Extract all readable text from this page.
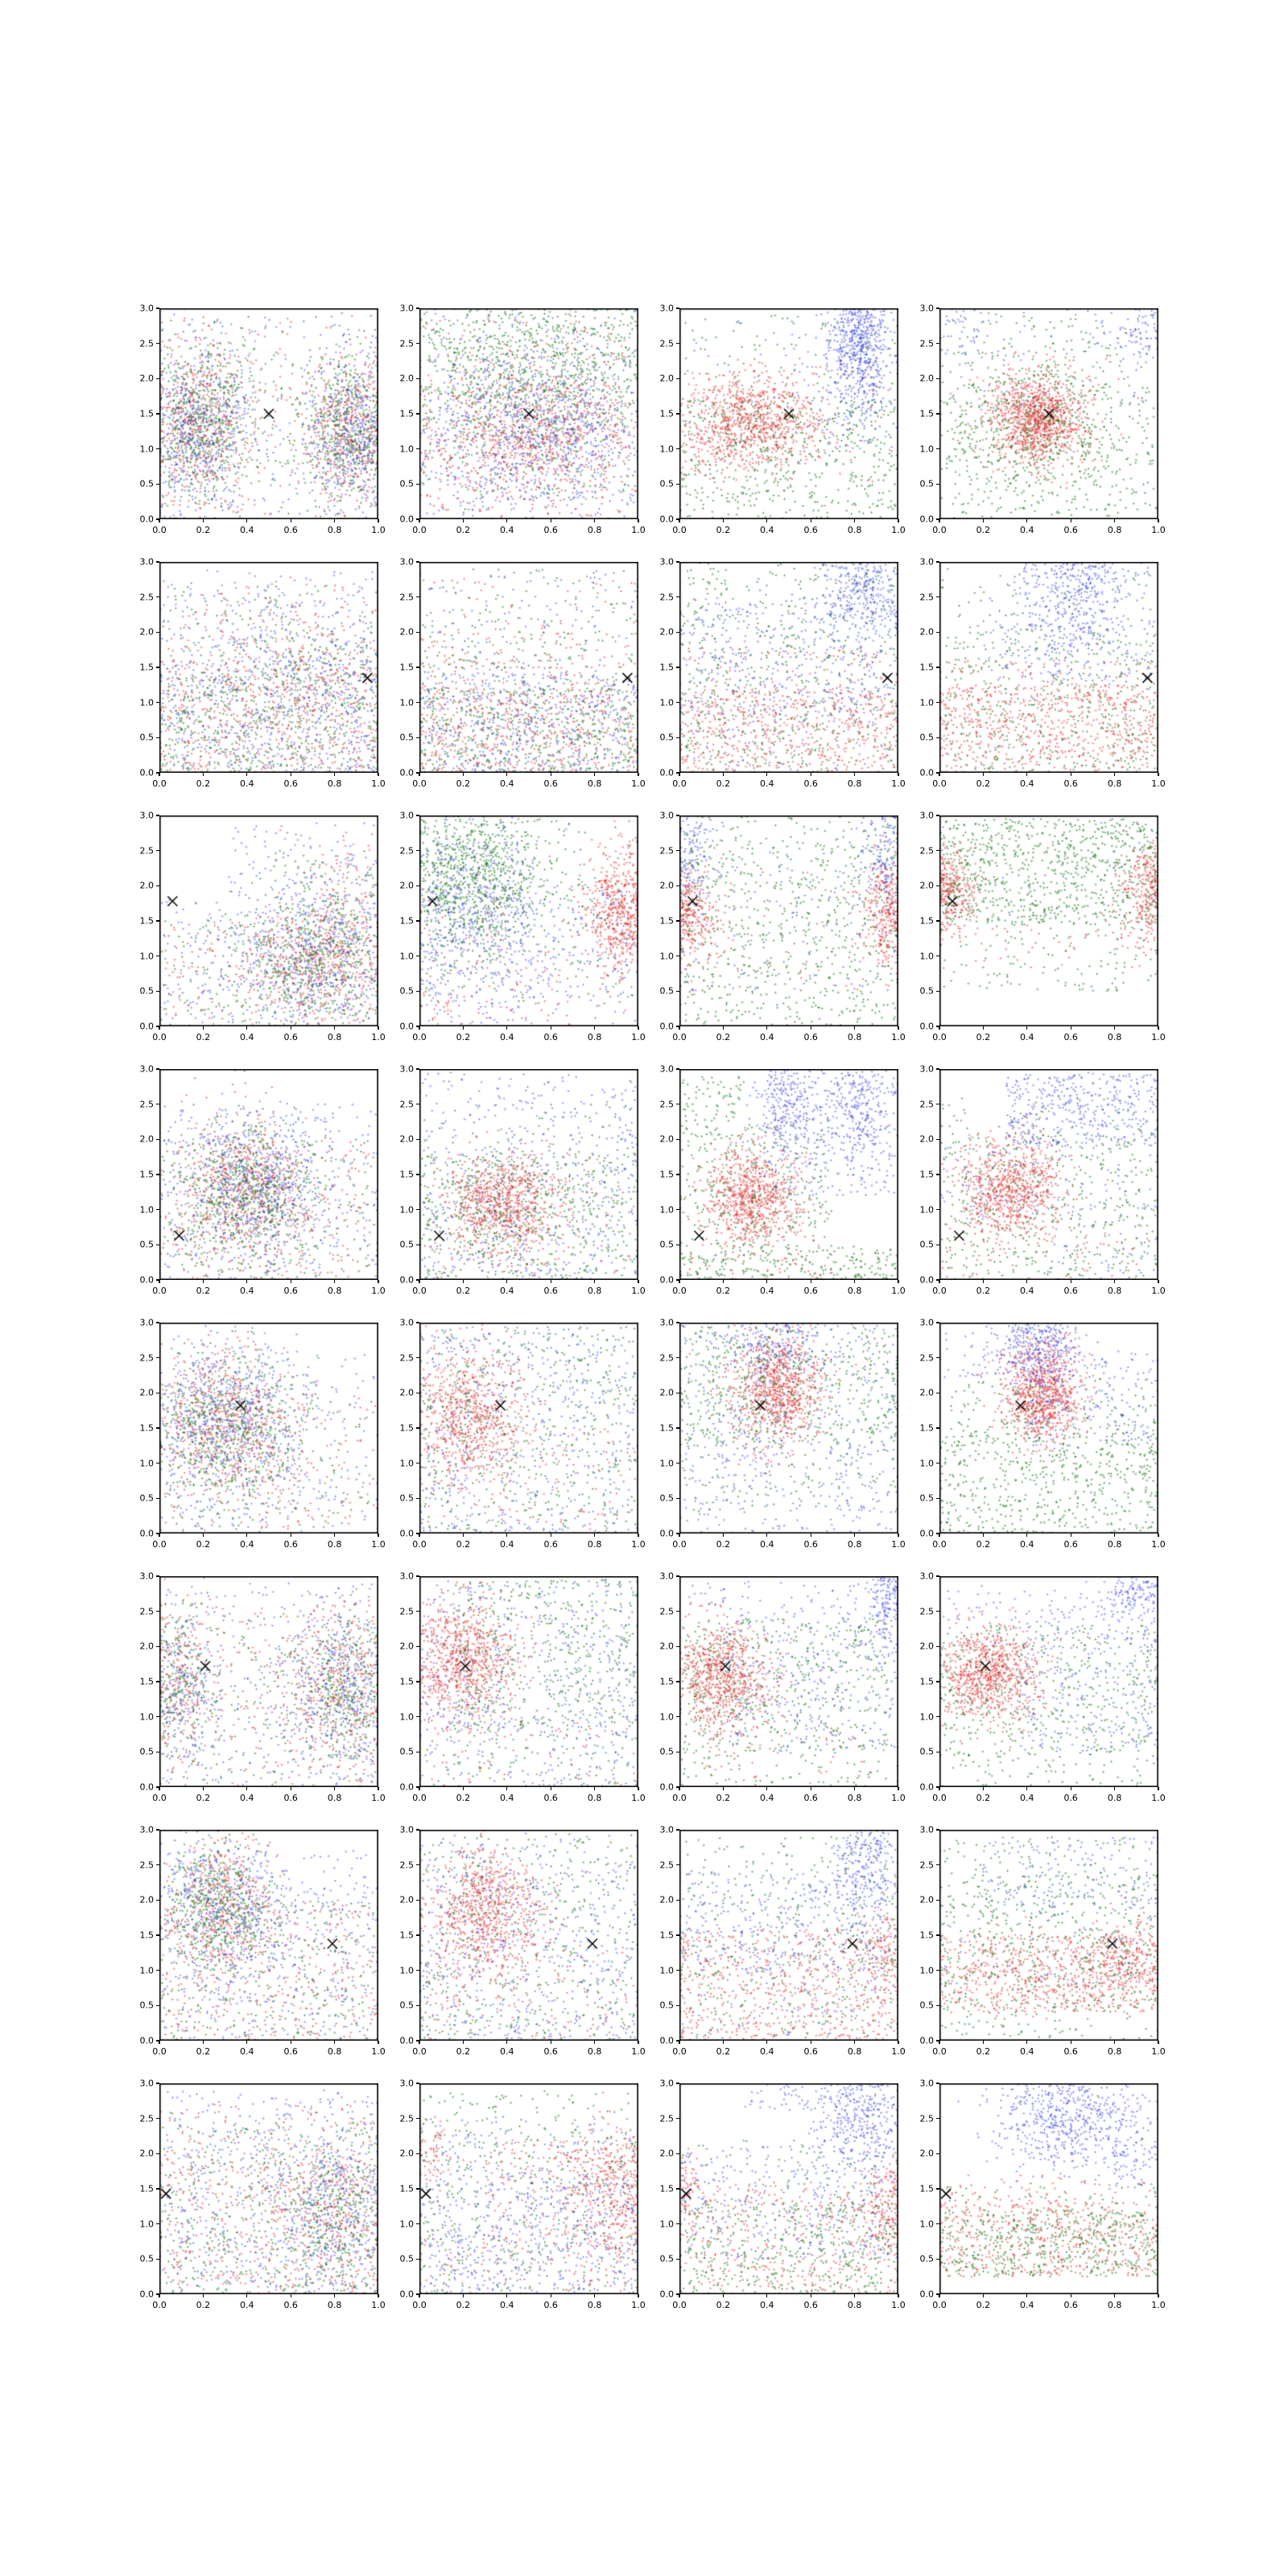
0.0	0.2	0.4	0.6	0.8	1.0
0.0
0.5
1.0
1.5
2.0
2.5
3.0
0.0	0.2	0.4	0.6	0.8	1.0
0.0
0.5
1.0
1.5
2.0
2.5
3.0
0.0	0.2	0.4	0.6	0.8	1.0
0.0
0.5
1.0
1.5
2.0
2.5
3.0
0.0	0.2	0.4	0.6	0.8	1.0
0.0
0.5
1.0
1.5
2.0
2.5
3.0
0.0	0.2	0.4	0.6	0.8	1.0
0.0
0.5
1.0
1.5
2.0
2.5
3.0
0.0	0.2	0.4	0.6	0.8	1.0
0.0
0.5
1.0
1.5
2.0
2.5
3.0
0.0	0.2	0.4	0.6	0.8	1.0
0.0
0.5
1.0
1.5
2.0
2.5
3.0
0.0	0.2	0.4	0.6	0.8	1.0
0.0
0.5
1.0
1.5
2.0
2.5
3.0
0.0	0.2	0.4	0.6	0.8	1.0
0.0
0.5
1.0
1.5
2.0
2.5
3.0
0.0	0.2	0.4	0.6	0.8	1.0
0.0
0.5
1.0
1.5
2.0
2.5
3.0
0.0	0.2	0.4	0.6	0.8	1.0
0.0
0.5
1.0
1.5
2.0
2.5
3.0
0.0	0.2	0.4	0.6	0.8	1.0
0.0
0.5
1.0
1.5
2.0
2.5
3.0
0.0	0.2	0.4	0.6	0.8	1.0
0.0
0.5
1.0
1.5
2.0
2.5
3.0
0.0	0.2	0.4	0.6	0.8	1.0
0.0
0.5
1.0
1.5
2.0
2.5
3.0
0.0	0.2	0.4	0.6	0.8	1.0
0.0
0.5
1.0
1.5
2.0
2.5
3.0
0.0	0.2	0.4	0.6	0.8	1.0
0.0
0.5
1.0
1.5
2.0
2.5
3.0
0.0	0.2	0.4	0.6	0.8	1.0
0.0
0.5
1.0
1.5
2.0
2.5
3.0
0.0	0.2	0.4	0.6	0.8	1.0
0.0
0.5
1.0
1.5
2.0
2.5
3.0
0.0	0.2	0.4	0.6	0.8	1.0
0.0
0.5
1.0
1.5
2.0
2.5
3.0
0.0	0.2	0.4	0.6	0.8	1.0
0.0
0.5
1.0
1.5
2.0
2.5
3.0
0.0	0.2	0.4	0.6	0.8	1.0
0.0
0.5
1.0
1.5
2.0
2.5
3.0
0.0	0.2	0.4	0.6	0.8	1.0
0.0
0.5
1.0
1.5
2.0
2.5
3.0
0.0	0.2	0.4	0.6	0.8	1.0
0.0
0.5
1.0
1.5
2.0
2.5
3.0
0.0	0.2	0.4	0.6	0.8	1.0
0.0
0.5
1.0
1.5
2.0
2.5
3.0
0.0	0.2	0.4	0.6	0.8	1.0
0.0
0.5
1.0
1.5
2.0
2.5
3.0
0.0	0.2	0.4	0.6	0.8	1.0
0.0
0.5
1.0
1.5
2.0
2.5
3.0
0.0	0.2	0.4	0.6	0.8	1.0
0.0
0.5
1.0
1.5
2.0
2.5
3.0
0.0	0.2	0.4	0.6	0.8	1.0
0.0
0.5
1.0
1.5
2.0
2.5
3.0
0.0	0.2	0.4	0.6	0.8	1.0
0.0
0.5
1.0
1.5
2.0
2.5
3.0
0.0	0.2	0.4	0.6	0.8	1.0
0.0
0.5
1.0
1.5
2.0
2.5
3.0
0.0	0.2	0.4	0.6	0.8	1.0
0.0
0.5
1.0
1.5
2.0
2.5
3.0
0.0	0.2	0.4	0.6	0.8	1.0
0.0
0.5
1.0
1.5
2.0
2.5
3.0
